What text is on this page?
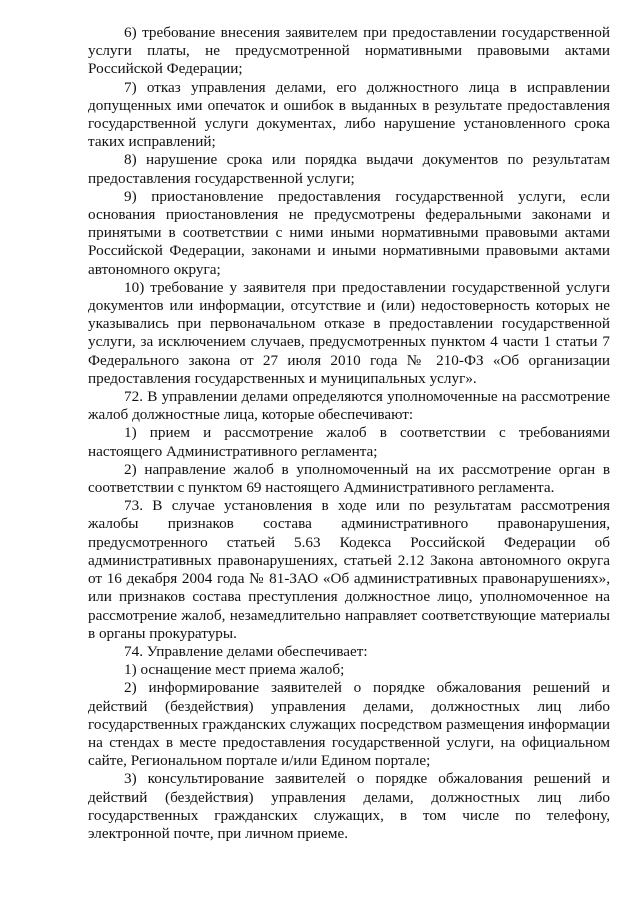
6) требование внесения заявителем при предоставлении государственной услуги платы, не предусмотренной нормативными правовыми актами Российской Федерации;

7) отказ управления делами, его должностного лица в исправлении допущенных ими опечаток и ошибок в выданных в результате предоставления государственной услуги документах, либо нарушение установленного срока таких исправлений;

8) нарушение срока или порядка выдачи документов по результатам предоставления государственной услуги;

9) приостановление предоставления государственной услуги, если основания приостановления не предусмотрены федеральными законами и принятыми в соответствии с ними иными нормативными правовыми актами Российской Федерации, законами и иными нормативными правовыми актами автономного округа;

10) требование у заявителя при предоставлении государственной услуги документов или информации, отсутствие и (или) недостоверность которых не указывались при первоначальном отказе в предоставлении государственной услуги, за исключением случаев, предусмотренных пунктом 4 части 1 статьи 7 Федерального закона от 27 июля 2010 года № 210-ФЗ «Об организации предоставления государственных и муниципальных услуг».

72. В управлении делами определяются уполномоченные на рассмотрение жалоб должностные лица, которые обеспечивают:

1) прием и рассмотрение жалоб в соответствии с требованиями настоящего Административного регламента;

2) направление жалоб в уполномоченный на их рассмотрение орган в соответствии с пунктом 69 настоящего Административного регламента.

73. В случае установления в ходе или по результатам рассмотрения жалобы признаков состава административного правонарушения, предусмотренного статьей 5.63 Кодекса Российской Федерации об административных правонарушениях, статьей 2.12 Закона автономного округа от 16 декабря 2004 года № 81-ЗАО «Об административных правонарушениях», или признаков состава преступления должностное лицо, уполномоченное на рассмотрение жалоб, незамедлительно направляет соответствующие материалы в органы прокуратуры.

74. Управление делами обеспечивает:

1) оснащение мест приема жалоб;

2) информирование заявителей о порядке обжалования решений и действий (бездействия) управления делами, должностных лиц либо государственных гражданских служащих посредством размещения информации на стендах в месте предоставления государственной услуги, на официальном сайте, Региональном портале и/или Едином портале;

3) консультирование заявителей о порядке обжалования решений и действий (бездействия) управления делами, должностных лиц либо государственных гражданских служащих, в том числе по телефону, электронной почте, при личном приеме.
